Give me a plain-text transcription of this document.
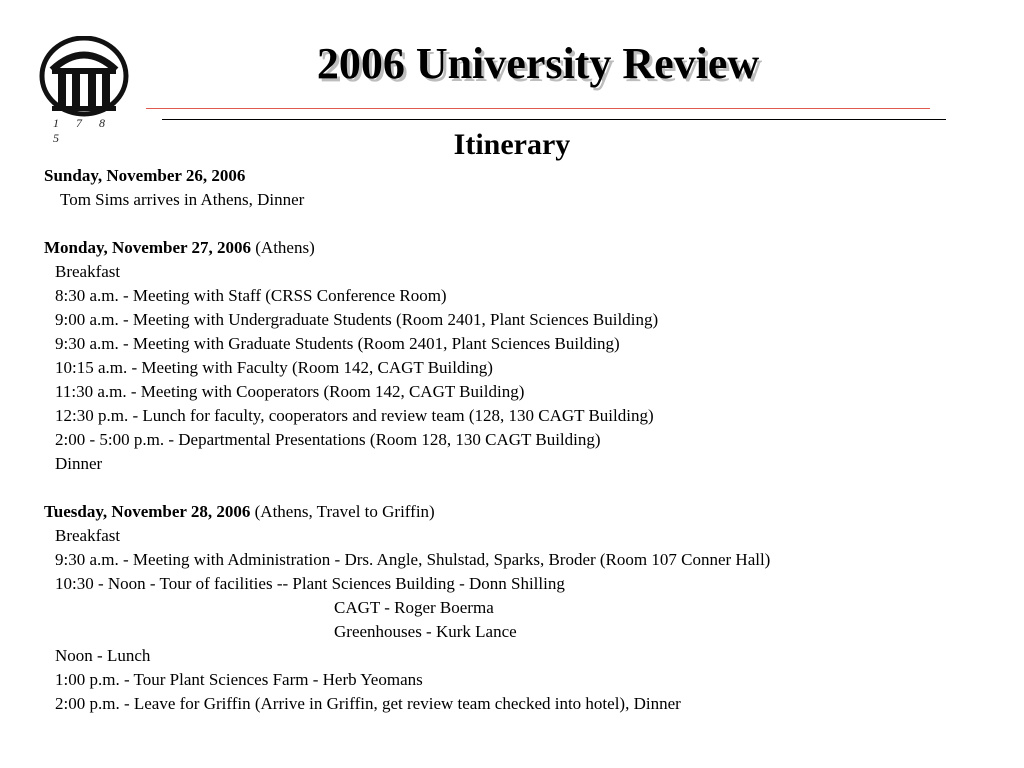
1 7 8 5
2006 University Review
Itinerary
Sunday, November 26, 2006
Tom Sims arrives in Athens, Dinner
Monday, November 27, 2006 (Athens)
Breakfast
8:30 a.m. - Meeting with Staff (CRSS Conference Room)
9:00 a.m. - Meeting with Undergraduate Students (Room 2401, Plant Sciences Building)
9:30 a.m. - Meeting with Graduate Students (Room 2401, Plant Sciences Building)
10:15 a.m. - Meeting with Faculty (Room 142, CAGT Building)
11:30 a.m. - Meeting with Cooperators (Room 142, CAGT Building)
12:30 p.m. - Lunch for faculty, cooperators and review team (128, 130 CAGT Building)
2:00 - 5:00 p.m. - Departmental Presentations (Room 128, 130 CAGT Building)
Dinner
Tuesday, November 28, 2006 (Athens, Travel to Griffin)
Breakfast
9:30 a.m. - Meeting with Administration - Drs. Angle, Shulstad, Sparks, Broder (Room 107 Conner Hall)
10:30 - Noon - Tour of facilities -- Plant Sciences Building - Donn Shilling
CAGT - Roger Boerma
Greenhouses - Kurk Lance
Noon - Lunch
1:00 p.m. - Tour Plant Sciences Farm - Herb Yeomans
2:00 p.m. - Leave for Griffin (Arrive in Griffin, get review team checked into hotel), Dinner
